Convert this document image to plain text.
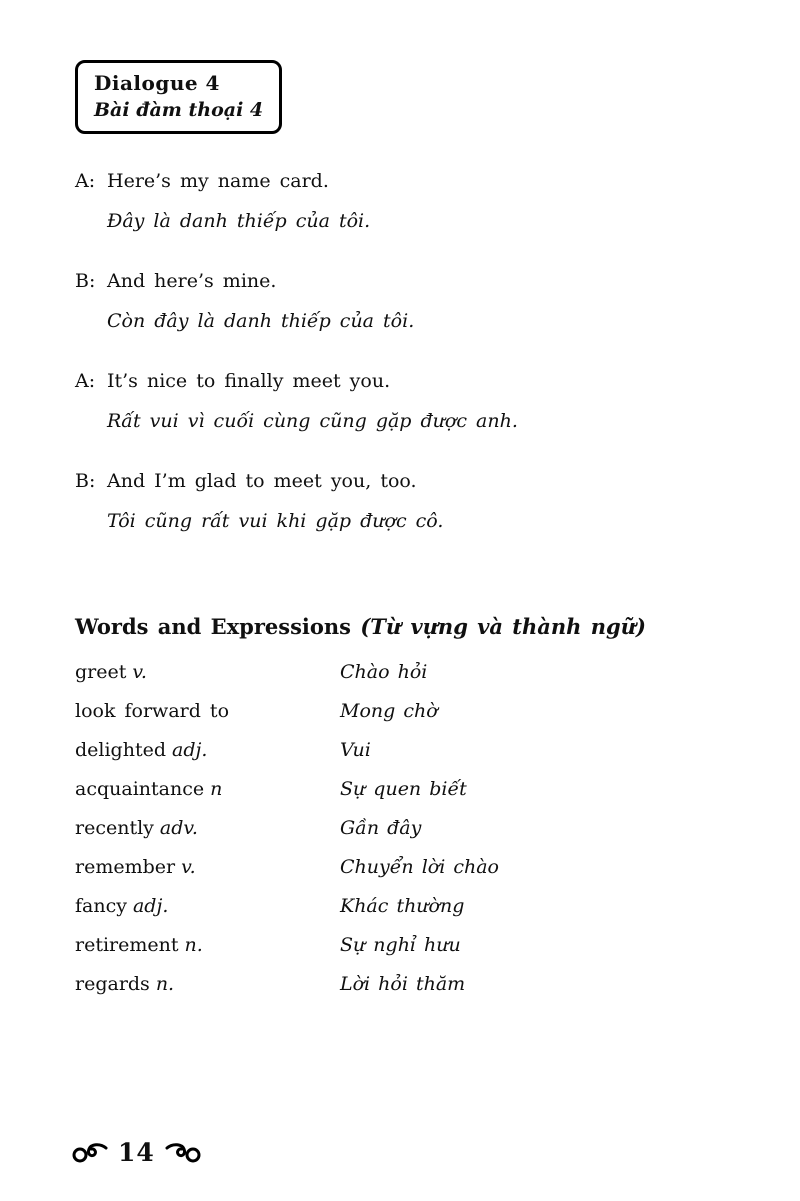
Dialogue 4
Bài đàm thoại 4
A: Here’s my name card.
Đây là danh thiếp của tôi.
B: And here’s mine.
Còn đây là danh thiếp của tôi.
A: It’s nice to finally meet you.
Rất vui vì cuối cùng cũng gặp được anh.
B: And I’m glad to meet you, too.
Tôi cũng rất vui khi gặp được cô.
Words and Expressions (Từ vựng và thành ngữ)
greet v.	Chào hỏi
look forward to	Mong chờ
delighted adj.	Vui
acquaintance n	Sự quen biết
recently adv.	Gần đây
remember v.	Chuyển lời chào
fancy adj.	Khác thường
retirement n.	Sự nghỉ hưu
regards n.	Lời hỏi thăm
14
